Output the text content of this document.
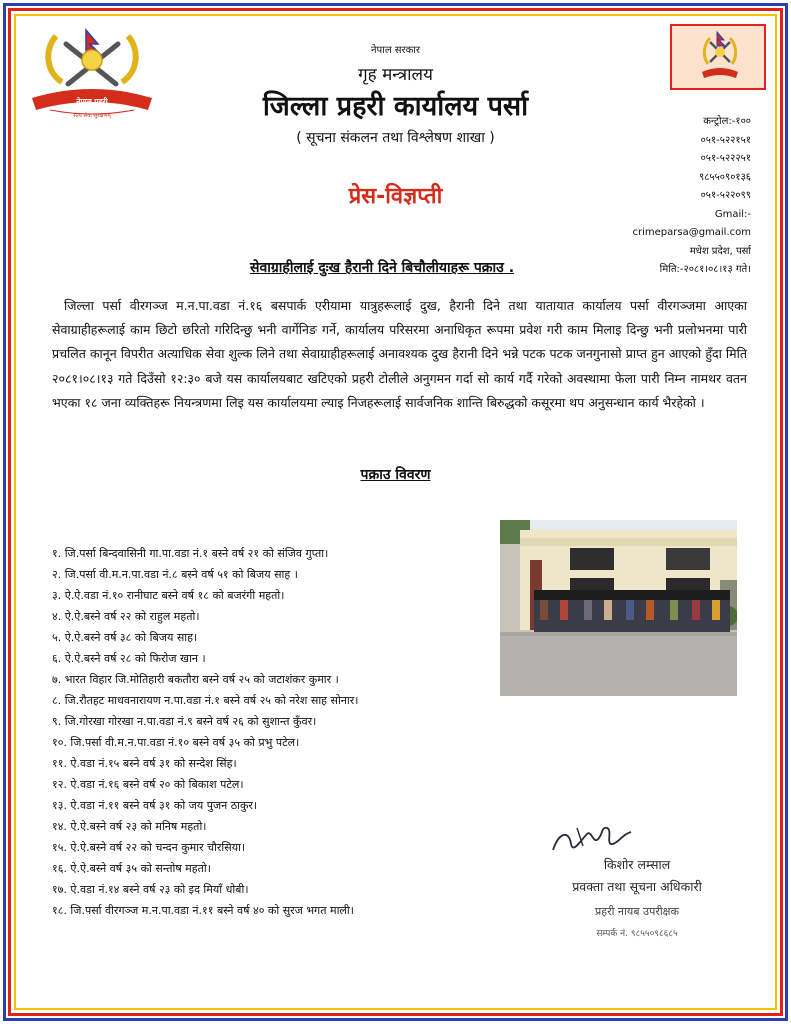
नेपाल प्रहरी
सत्य सेवा सुरक्षणम्
नेपाल सरकार
गृह मन्त्रालय
जिल्ला प्रहरी कार्यालय पर्सा
( सूचना संकलन तथा विश्लेषण शाखा )
कन्ट्रोल:-१००
०५१-५२२१५१
०५१-५२२२५१
९८५५०९०१३६
०५१-५२२०९९
Gmail:-
crimeparsa@gmail.com
मधेश प्रदेश, पर्सा
मिति:-२०८१।०८।१३ गते।
प्रेस-विज्ञप्ती
सेवाग्राहीलाई दुःख हैरानी दिने बिचौलीयाहरू पक्राउ .
जिल्ला पर्सा वीरगञ्ज म.न.पा.वडा नं.१६ बसपार्क एरीयामा यात्रुहरूलाई दुख, हैरानी दिने तथा यातायात कार्यालय पर्सा वीरगञ्जमा आएका सेवाग्राहीहरूलाई काम छिटो छरितो गरिदिन्छु भनी वार्गेनिङ गर्ने, कार्यालय परिसरमा अनाधिकृत रूपमा प्रवेश गरी काम मिलाइ दिन्छु भनी प्रलोभनमा पारी प्रचलित कानून विपरीत अत्याधिक सेवा शुल्क लिने तथा सेवाग्राहीहरूलाई अनावश्यक दुख हैरानी दिने भन्ने पटक पटक जनगुनासो प्राप्त हुन आएको हुँदा मिति २०८१।०८।१३ गते दिउँसो १२:३० बजे यस कार्यालयबाट खटिएको प्रहरी टोलीले अनुगमन गर्दा सो कार्य गर्दै गरेको अवस्थामा फेला पारी निम्न नामथर वतन भएका १८ जना व्यक्तिहरू नियन्त्रणमा लिइ यस कार्यालयमा ल्याइ निजहरूलाई सार्वजनिक शान्ति बिरुद्धको कसूरमा थप अनुसन्धान कार्य भैरहेको ।
पक्राउ विवरण
१. जि.पर्सा बिन्दवासिनी गा.पा.वडा नं.१ बस्ने वर्ष २१ को संजिव गुप्ता।
२. जि.पर्सा वी.म.न.पा.वडा नं.८ बस्ने वर्ष ५१ को बिजय साह ।
३. ऐ.ऐ.वडा नं.१० रानीघाट बस्ने वर्ष १८ को बजरंगी महतो।
४. ऐ.ऐ.बस्ने वर्ष २२ को राहुल महतो।
५. ऐ.ऐ.बस्ने वर्ष ३८ को बिजय साह।
६. ऐ.ऐ.बस्ने वर्ष २८ को फिरोज खान ।
७. भारत विहार जि.मोतिहारी बकतौरा बस्ने वर्ष २५ को जटाशंकर कुमार ।
८. जि.रौतहट माधवनारायण न.पा.वडा नं.१ बस्ने वर्ष २५ को नरेश साह सोनार।
९. जि.गोरखा गोरखा न.पा.वडा नं.९ बस्ने वर्ष २६ को सुशान्त कुँवर।
१०. जि.पर्सा वी.म.न.पा.वडा नं.१० बस्ने वर्ष ३५ को प्रभु पटेल।
११. ऐ.वडा नं.१५ बस्ने वर्ष ३१ को सन्देश सिंह।
१२. ऐ.वडा नं.१६ बस्ने वर्ष २० को बिकाश पटेल।
१३. ऐ.वडा नं.११ बस्ने वर्ष ३१ को जय पुजन ठाकुर।
१४. ऐ.ऐ.बस्ने वर्ष २३ को मनिष महतो।
१५. ऐ.ऐ.बस्ने वर्ष २२ को चन्दन कुमार चौरसिया।
१६. ऐ.ऐ.बस्ने वर्ष ३५ को सन्तोष महतो।
१७. ऐ.वडा नं.१४ बस्ने वर्ष २३ को इद मियाँ धोबी।
१८. जि.पर्सा वीरगञ्ज म.न.पा.वडा नं.११ बस्ने वर्ष ४० को सुरज भगत माली।
किशोर लम्साल
प्रवक्ता तथा सूचना अधिकारी
प्रहरी नायब उपरीक्षक
सम्पर्क नं. ९८५५०९८६८५
